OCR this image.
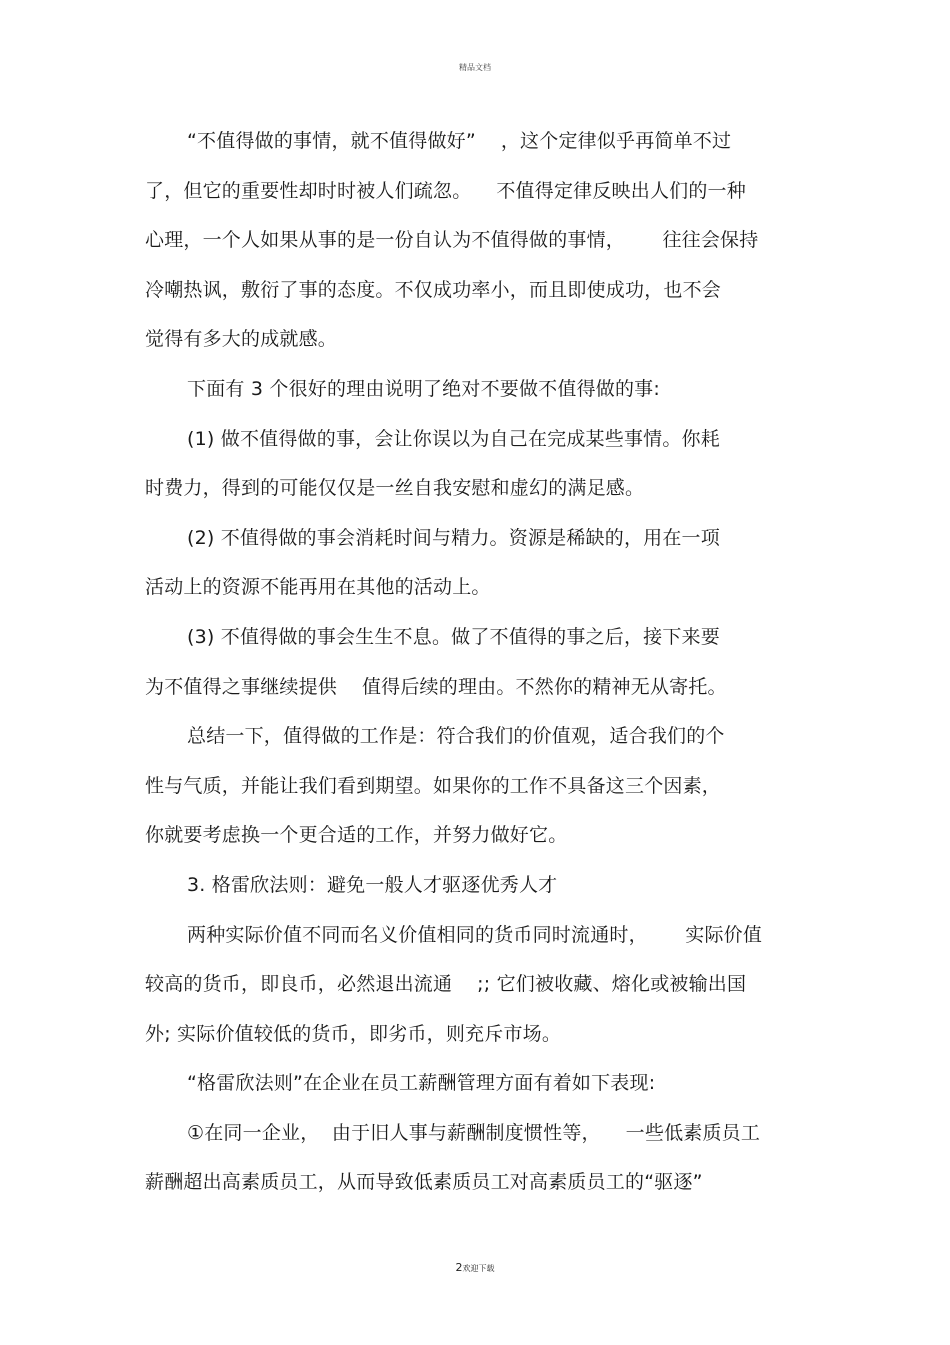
精品文档
“不值得做的事情，就不值得做好”    ，这个定律似乎再简单不过
了，但它的重要性却时时被人们疏忽。    不值得定律反映出人们的一种
心理，一个人如果从事的是一份自认为不值得做的事情，      往往会保持
冷嘲热讽，敷衍了事的态度。不仅成功率小，而且即使成功，也不会
觉得有多大的成就感。
下面有 3 个很好的理由说明了绝对不要做不值得做的事:
(1) 做不值得做的事，会让你误以为自己在完成某些事情。你耗
时费力，得到的可能仅仅是一丝自我安慰和虚幻的满足感。
(2) 不值得做的事会消耗时间与精力。资源是稀缺的，用在一项
活动上的资源不能再用在其他的活动上。
(3) 不值得做的事会生生不息。做了不值得的事之后，接下来要
为不值得之事继续提供    值得后续的理由。不然你的精神无从寄托。
总结一下，值得做的工作是：符合我们的价值观，适合我们的个
性与气质，并能让我们看到期望。如果你的工作不具备这三个因素，
你就要考虑换一个更合适的工作，并努力做好它。
3. 格雷欣法则：避免一般人才驱逐优秀人才
两种实际价值不同而名义价值相同的货币同时流通时，      实际价值
较高的货币，即良币，必然退出流通    ;; 它们被收藏、熔化或被输出国
外; 实际价值较低的货币，即劣币，则充斥市场。
“格雷欣法则”在企业在员工薪酬管理方面有着如下表现:
①在同一企业，  由于旧人事与薪酬制度惯性等，    一些低素质员工
薪酬超出高素质员工，从而导致低素质员工对高素质员工的“驱逐”
2欢迎下载
